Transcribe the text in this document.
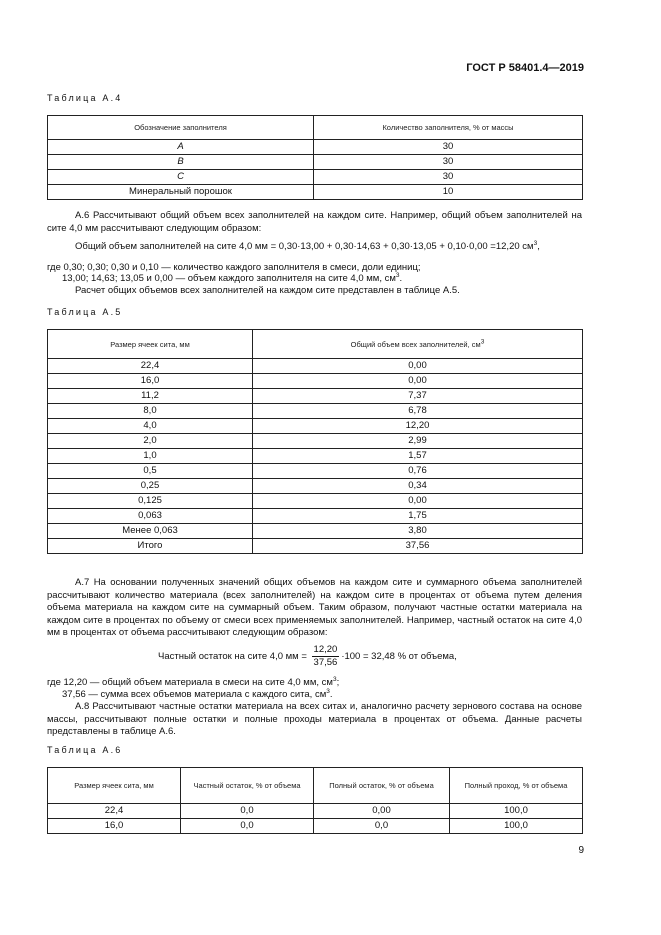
ГОСТ Р 58401.4—2019
Таблица А.4
Обозначение заполнителя	Количество заполнителя, % от массы
A	30
B	30
C	30
Минеральный порошок	10
А.6 Рассчитывают общий объем всех заполнителей на каждом сите. Например, общий объем заполнителей на сите 4,0 мм рассчитывают следующим образом:
Общий объем заполнителей на сите 4,0 мм = 0,30·13,00 + 0,30·14,63 + 0,30·13,05 + 0,10·0,00 =12,20 $см^3$,
где 0,30; 0,30; 0,30 и 0,10 — количество каждого заполнителя в смеси, доли единиц;
13,00; 14,63; 13,05 и 0,00 — объем каждого заполнителя на сите 4,0 мм, $см^3$.
Расчет общих объемов всех заполнителей на каждом сите представлен в таблице А.5.
Таблица А.5
Размер ячеек сита, мм	Общий объем всех заполнителей, $см^3$
22,4	0,00
16,0	0,00
11,2	7,37
8,0	6,78
4,0	12,20
2,0	2,99
1,0	1,57
0,5	0,76
0,25	0,34
0,125	0,00
0,063	1,75
Менее 0,063	3,80
Итого	37,56
А.7 На основании полученных значений общих объемов на каждом сите и суммарного объема заполнителей рассчитывают количество материала (всех заполнителей) на каждом сите в процентах от объема путем деления объема материала на каждом сите на суммарный объем. Таким образом, получают частные остатки материала на каждом сите в процентах по объему от смеси всех применяемых заполнителей. Например, частный остаток на сите 4,0 мм в процентах от объема рассчитывают следующим образом:
Частный остаток на сите 4,0 мм = $\frac{12,20}{37,56} \cdot 100 = 32,48$ % от объема,
где 12,20 — общий объем материала в смеси на сите 4,0 мм, $см^3$;
37,56 — сумма всех объемов материала с каждого сита, $см^3$.
А.8 Рассчитывают частные остатки материала на всех ситах и, аналогично расчету зернового состава на основе массы, рассчитывают полные остатки и полные проходы материала в процентах от объема. Данные расчеты представлены в таблице А.6.
Таблица А.6
Размер ячеек сита, мм	Частный остаток, % от объема	Полный остаток, % от объема	Полный проход, % от объема
22,4	0,0	0,00	100,0
16,0	0,0	0,0	100,0
9
